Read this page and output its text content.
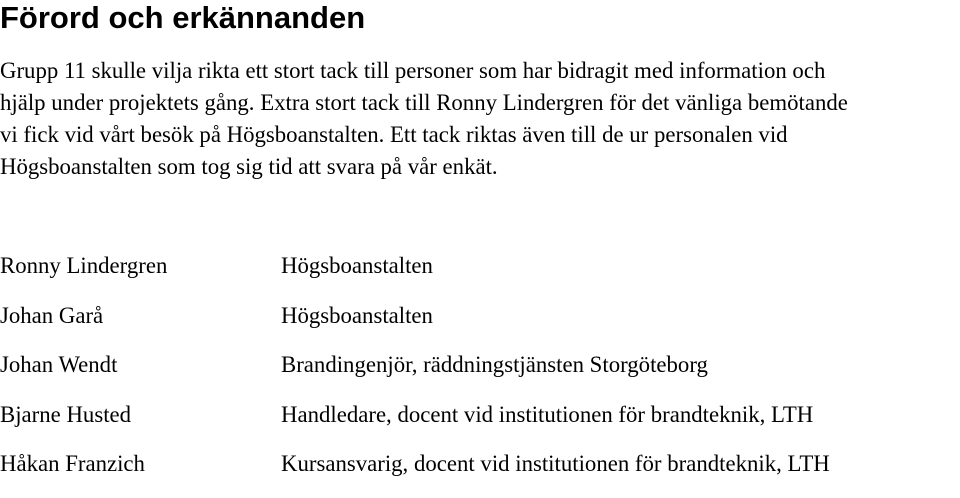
Förord och erkännanden

Grupp 11 skulle vilja rikta ett stort tack till personer som har bidragit med information och
hjälp under projektets gång. Extra stort tack till Ronny Lindergren för det vänliga bemötande
vi fick vid vårt besök på Högsboanstalten. Ett tack riktas även till de ur personalen vid
Högsboanstalten som tog sig tid att svara på vår enkät.

Ronny Lindergren	Högsboanstalten
Johan Garå	Högsboanstalten
Johan Wendt	Brandingenjör, räddningstjänsten Storgöteborg
Bjarne Husted	Handledare, docent vid institutionen för brandteknik, LTH
Håkan Franzich	Kursansvarig, docent vid institutionen för brandteknik, LTH
